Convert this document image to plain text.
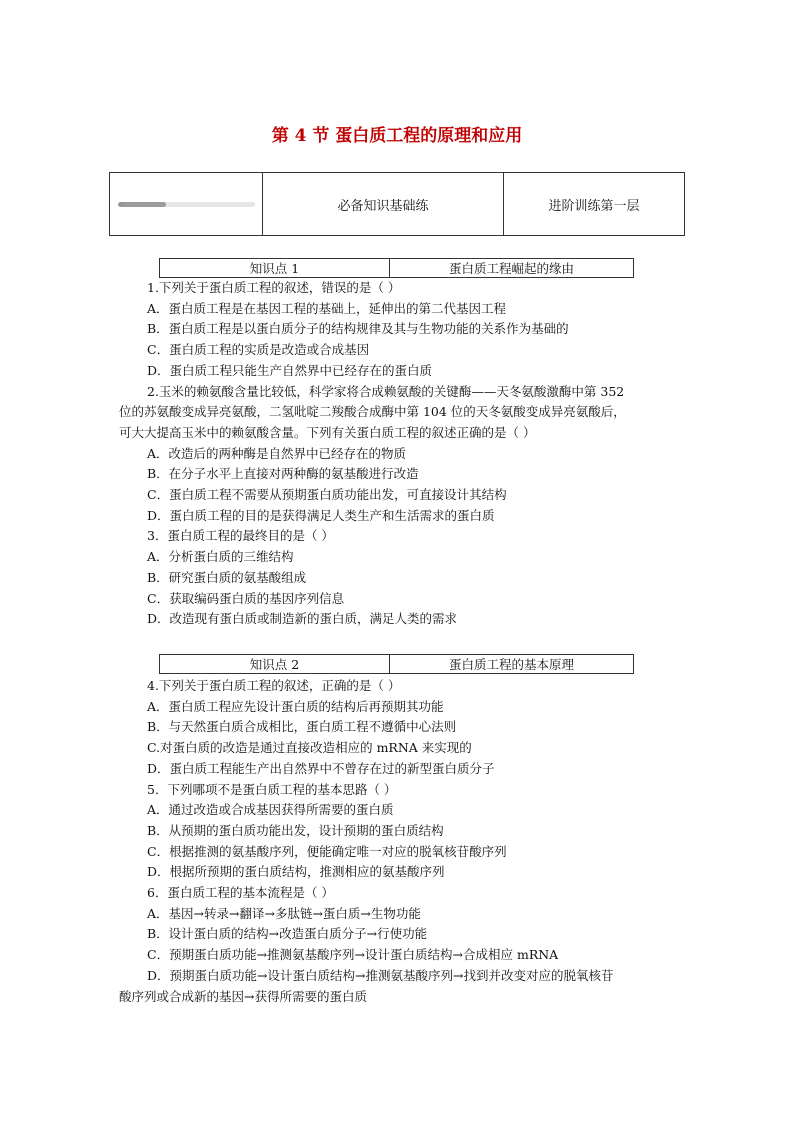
第 4 节 蛋白质工程的原理和应用
✓	必备知识基础练	进阶训练第一层
知识点 1	蛋白质工程崛起的缘由
1.下列关于蛋白质工程的叙述，错误的是（ ）
A．蛋白质工程是在基因工程的基础上，延伸出的第二代基因工程
B．蛋白质工程是以蛋白质分子的结构规律及其与生物功能的关系作为基础的
C．蛋白质工程的实质是改造或合成基因
D．蛋白质工程只能生产自然界中已经存在的蛋白质
2.玉米的赖氨酸含量比较低，科学家将合成赖氨酸的关键酶——天冬氨酸激酶中第 352
位的苏氨酸变成异亮氨酸，二氢吡啶二羧酸合成酶中第 104 位的天冬氨酸变成异亮氨酸后，
可大大提高玉米中的赖氨酸含量。下列有关蛋白质工程的叙述正确的是（ ）
A．改造后的两种酶是自然界中已经存在的物质
B．在分子水平上直接对两种酶的氨基酸进行改造
C．蛋白质工程不需要从预期蛋白质功能出发，可直接设计其结构
D．蛋白质工程的目的是获得满足人类生产和生活需求的蛋白质
3．蛋白质工程的最终目的是（ ）
A．分析蛋白质的三维结构
B．研究蛋白质的氨基酸组成
C．获取编码蛋白质的基因序列信息
D．改造现有蛋白质或制造新的蛋白质，满足人类的需求
知识点 2	蛋白质工程的基本原理
4.下列关于蛋白质工程的叙述，正确的是（ ）
A．蛋白质工程应先设计蛋白质的结构后再预期其功能
B．与天然蛋白质合成相比，蛋白质工程不遵循中心法则
C.对蛋白质的改造是通过直接改造相应的 mRNA 来实现的
D．蛋白质工程能生产出自然界中不曾存在过的新型蛋白质分子
5．下列哪项不是蛋白质工程的基本思路（ ）
A．通过改造或合成基因获得所需要的蛋白质
B．从预期的蛋白质功能出发，设计预期的蛋白质结构
C．根据推测的氨基酸序列，便能确定唯一对应的脱氧核苷酸序列
D．根据所预期的蛋白质结构，推测相应的氨基酸序列
6．蛋白质工程的基本流程是（ ）
A．基因→转录→翻译→多肽链→蛋白质→生物功能
B．设计蛋白质的结构→改造蛋白质分子→行使功能
C．预期蛋白质功能→推测氨基酸序列→设计蛋白质结构→合成相应 mRNA
D．预期蛋白质功能→设计蛋白质结构→推测氨基酸序列→找到并改变对应的脱氧核苷
酸序列或合成新的基因→获得所需要的蛋白质
